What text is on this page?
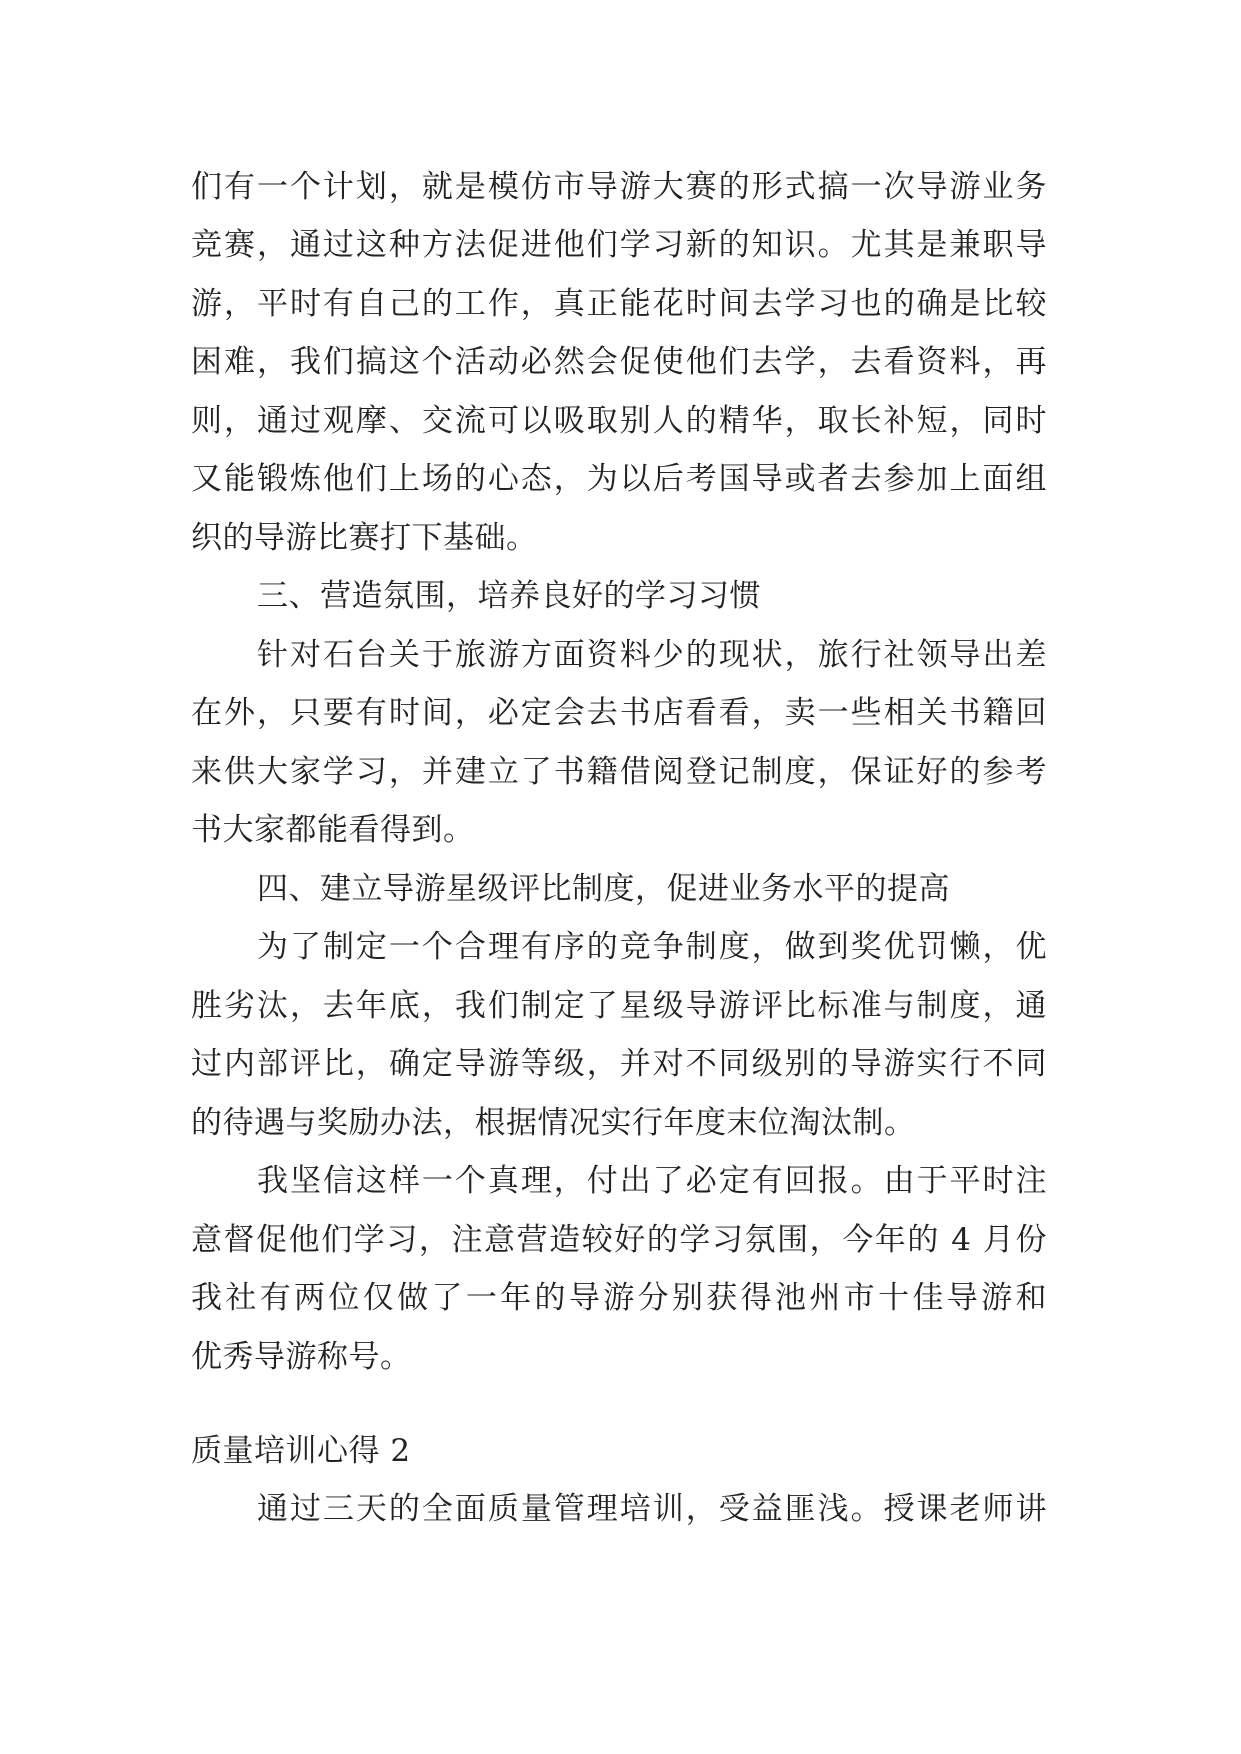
们有一个计划，就是模仿市导游大赛的形式搞一次导游业务
竞赛，通过这种方法促进他们学习新的知识。尤其是兼职导
游，平时有自己的工作，真正能花时间去学习也的确是比较
困难，我们搞这个活动必然会促使他们去学，去看资料，再
则，通过观摩、交流可以吸取别人的精华，取长补短，同时
又能锻炼他们上场的心态，为以后考国导或者去参加上面组
织的导游比赛打下基础。
三、营造氛围，培养良好的学习习惯
针对石台关于旅游方面资料少的现状，旅行社领导出差
在外，只要有时间，必定会去书店看看，卖一些相关书籍回
来供大家学习，并建立了书籍借阅登记制度，保证好的参考
书大家都能看得到。
四、建立导游星级评比制度，促进业务水平的提高
为了制定一个合理有序的竞争制度，做到奖优罚懒，优
胜劣汰，去年底，我们制定了星级导游评比标准与制度，通
过内部评比，确定导游等级，并对不同级别的导游实行不同
的待遇与奖励办法，根据情况实行年度末位淘汰制。
我坚信这样一个真理，付出了必定有回报。由于平时注
意督促他们学习，注意营造较好的学习氛围，今年的 4 月份
我社有两位仅做了一年的导游分别获得池州市十佳导游和
优秀导游称号。
质量培训心得 2
通过三天的全面质量管理培训，受益匪浅。授课老师讲
